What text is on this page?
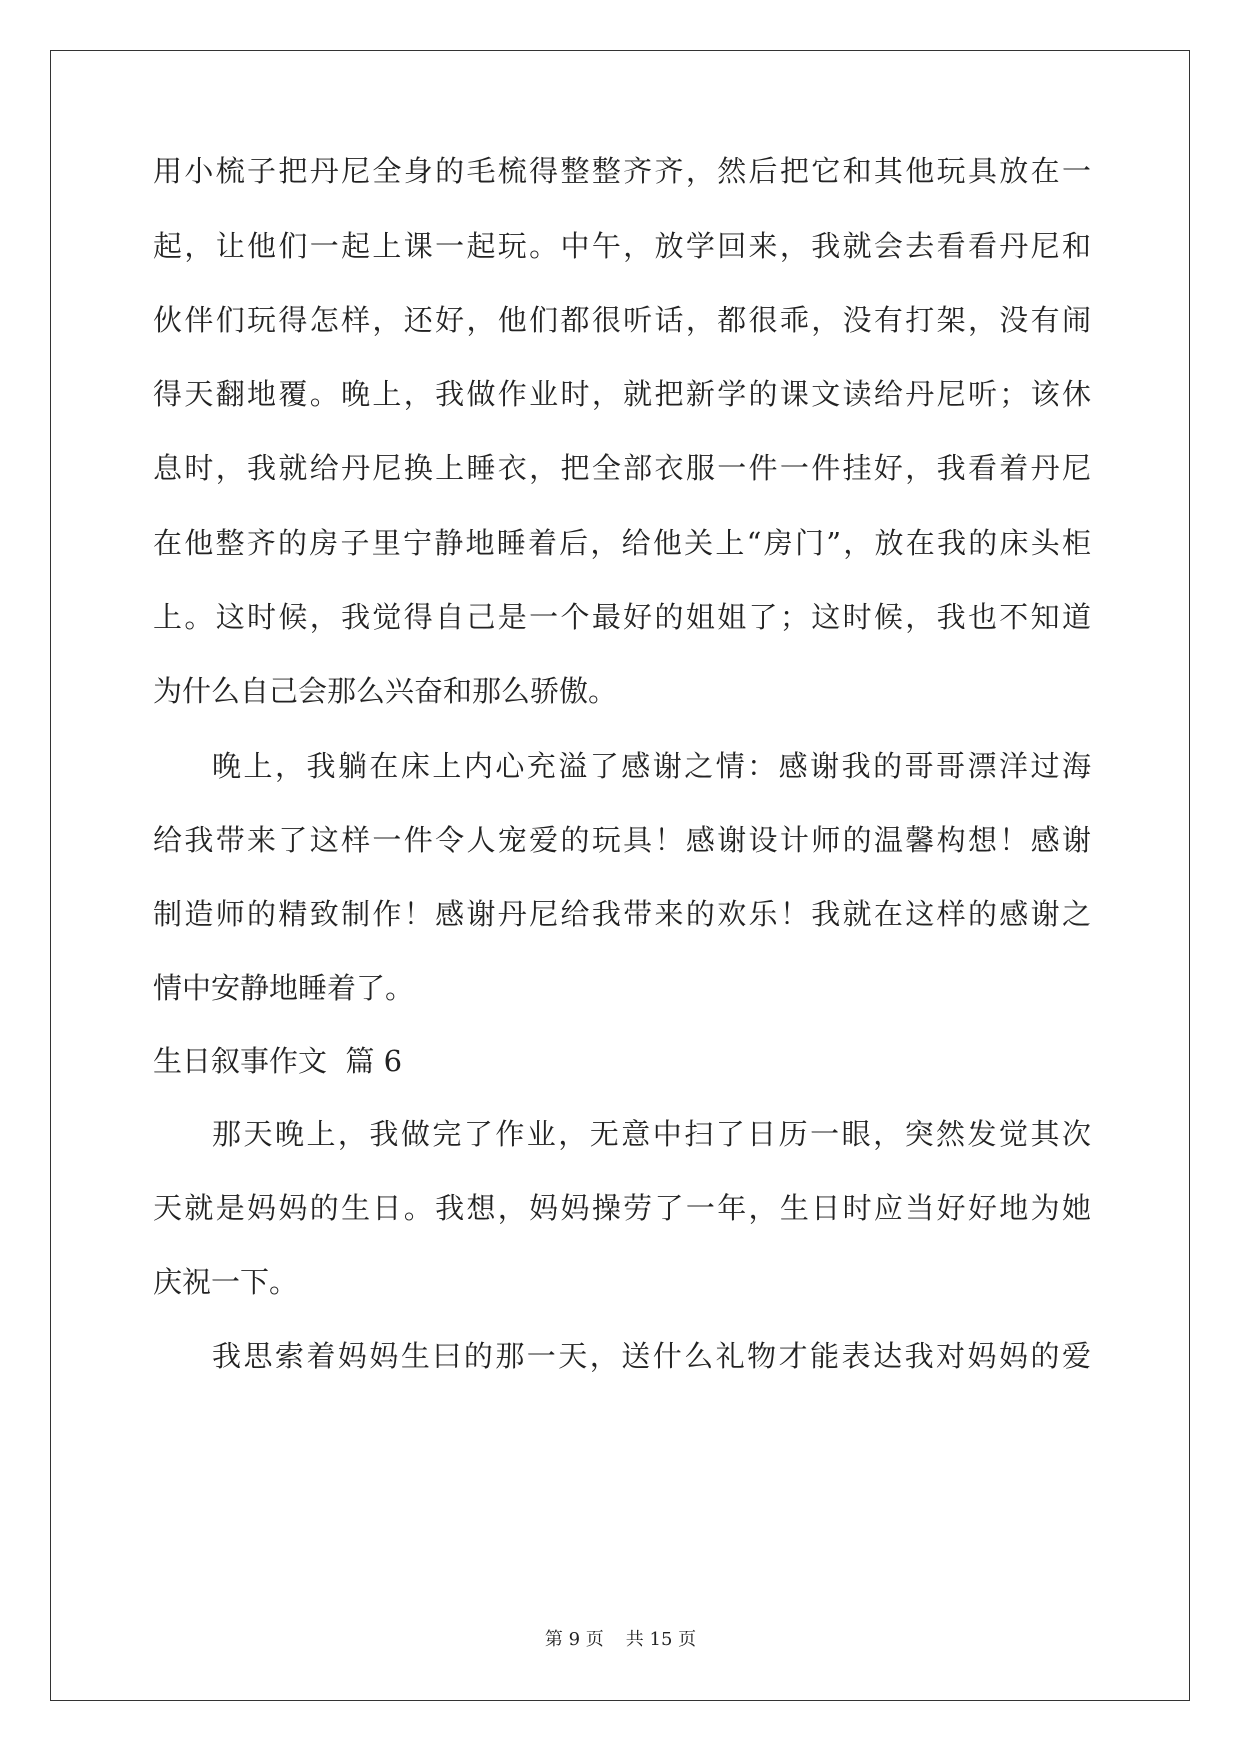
用小梳子把丹尼全身的毛梳得整整齐齐，然后把它和其他玩具放在一
起，让他们一起上课一起玩。中午，放学回来，我就会去看看丹尼和
伙伴们玩得怎样，还好，他们都很听话，都很乖，没有打架，没有闹
得天翻地覆。晚上，我做作业时，就把新学的课文读给丹尼听；该休
息时，我就给丹尼换上睡衣，把全部衣服一件一件挂好，我看着丹尼
在他整齐的房子里宁静地睡着后，给他关上“房门”，放在我的床头柜
上。这时候，我觉得自己是一个最好的姐姐了；这时候，我也不知道
为什么自己会那么兴奋和那么骄傲。
晚上，我躺在床上内心充溢了感谢之情：感谢我的哥哥漂洋过海
给我带来了这样一件令人宠爱的玩具！感谢设计师的温馨构想！感谢
制造师的精致制作！感谢丹尼给我带来的欢乐！我就在这样的感谢之
情中安静地睡着了。
生日叙事作文  篇 6
那天晚上，我做完了作业，无意中扫了日历一眼，突然发觉其次
天就是妈妈的生日。我想，妈妈操劳了一年，生日时应当好好地为她
庆祝一下。
我思索着妈妈生曰的那一天，送什么礼物才能表达我对妈妈的爱
第 9 页 共 15 页
